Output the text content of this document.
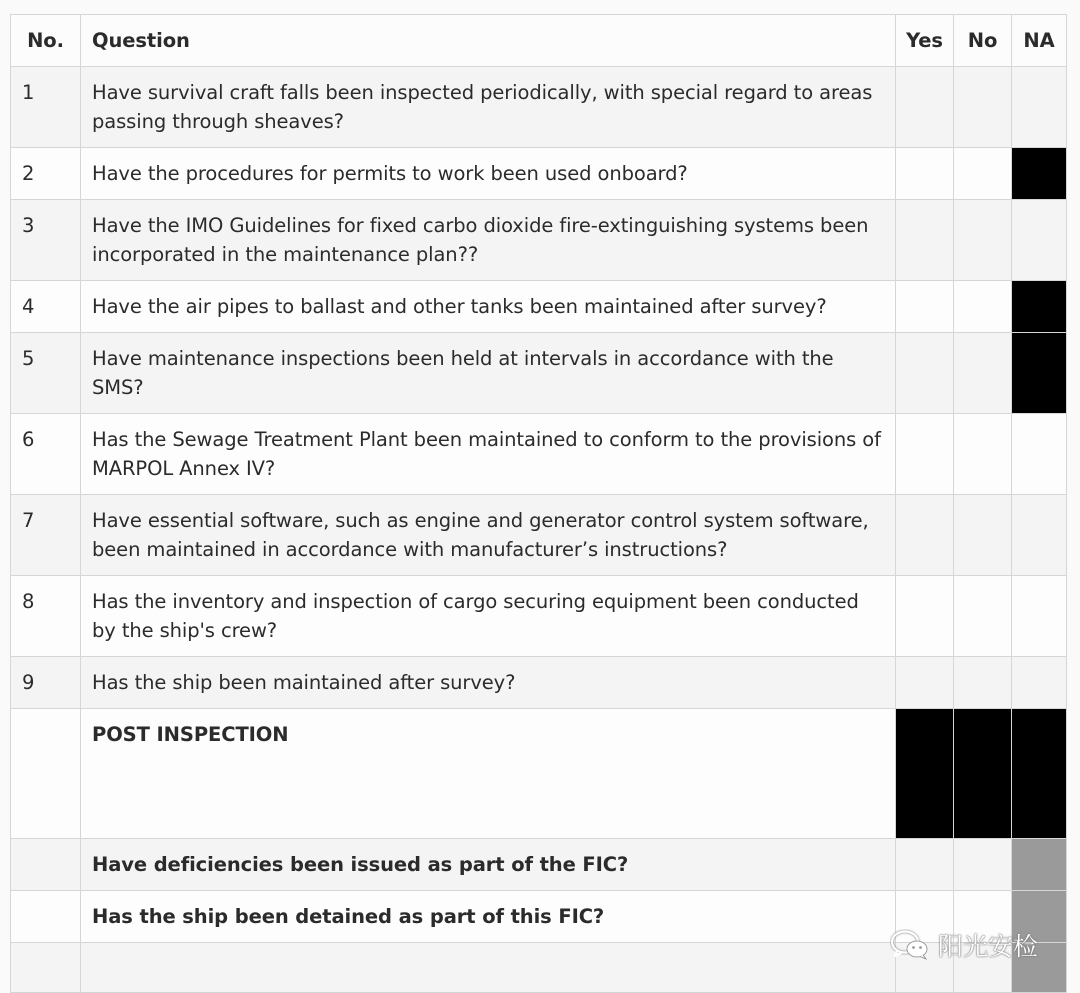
No.	Question	Yes	No	NA
1	Have survival craft falls been inspected periodically, with special regard to areas passing through sheaves?			
2	Have the procedures for permits to work been used onboard?			
3	Have the IMO Guidelines for fixed carbo dioxide fire-extinguishing systems been incorporated in the maintenance plan??			
4	Have the air pipes to ballast and other tanks been maintained after survey?			
5	Have maintenance inspections been held at intervals in accordance with the SMS?			
6	Has the Sewage Treatment Plant been maintained to conform to the provisions of MARPOL Annex IV?			
7	Have essential software, such as engine and generator control system software, been maintained in accordance with manufacturer’s instructions?			
8	Has the inventory and inspection of cargo securing equipment been conducted by the ship's crew?			
9	Has the ship been maintained after survey?			
	POST INSPECTION			
	Have deficiencies been issued as part of the FIC?			
	Has the ship been detained as part of this FIC?			

阳光安检
